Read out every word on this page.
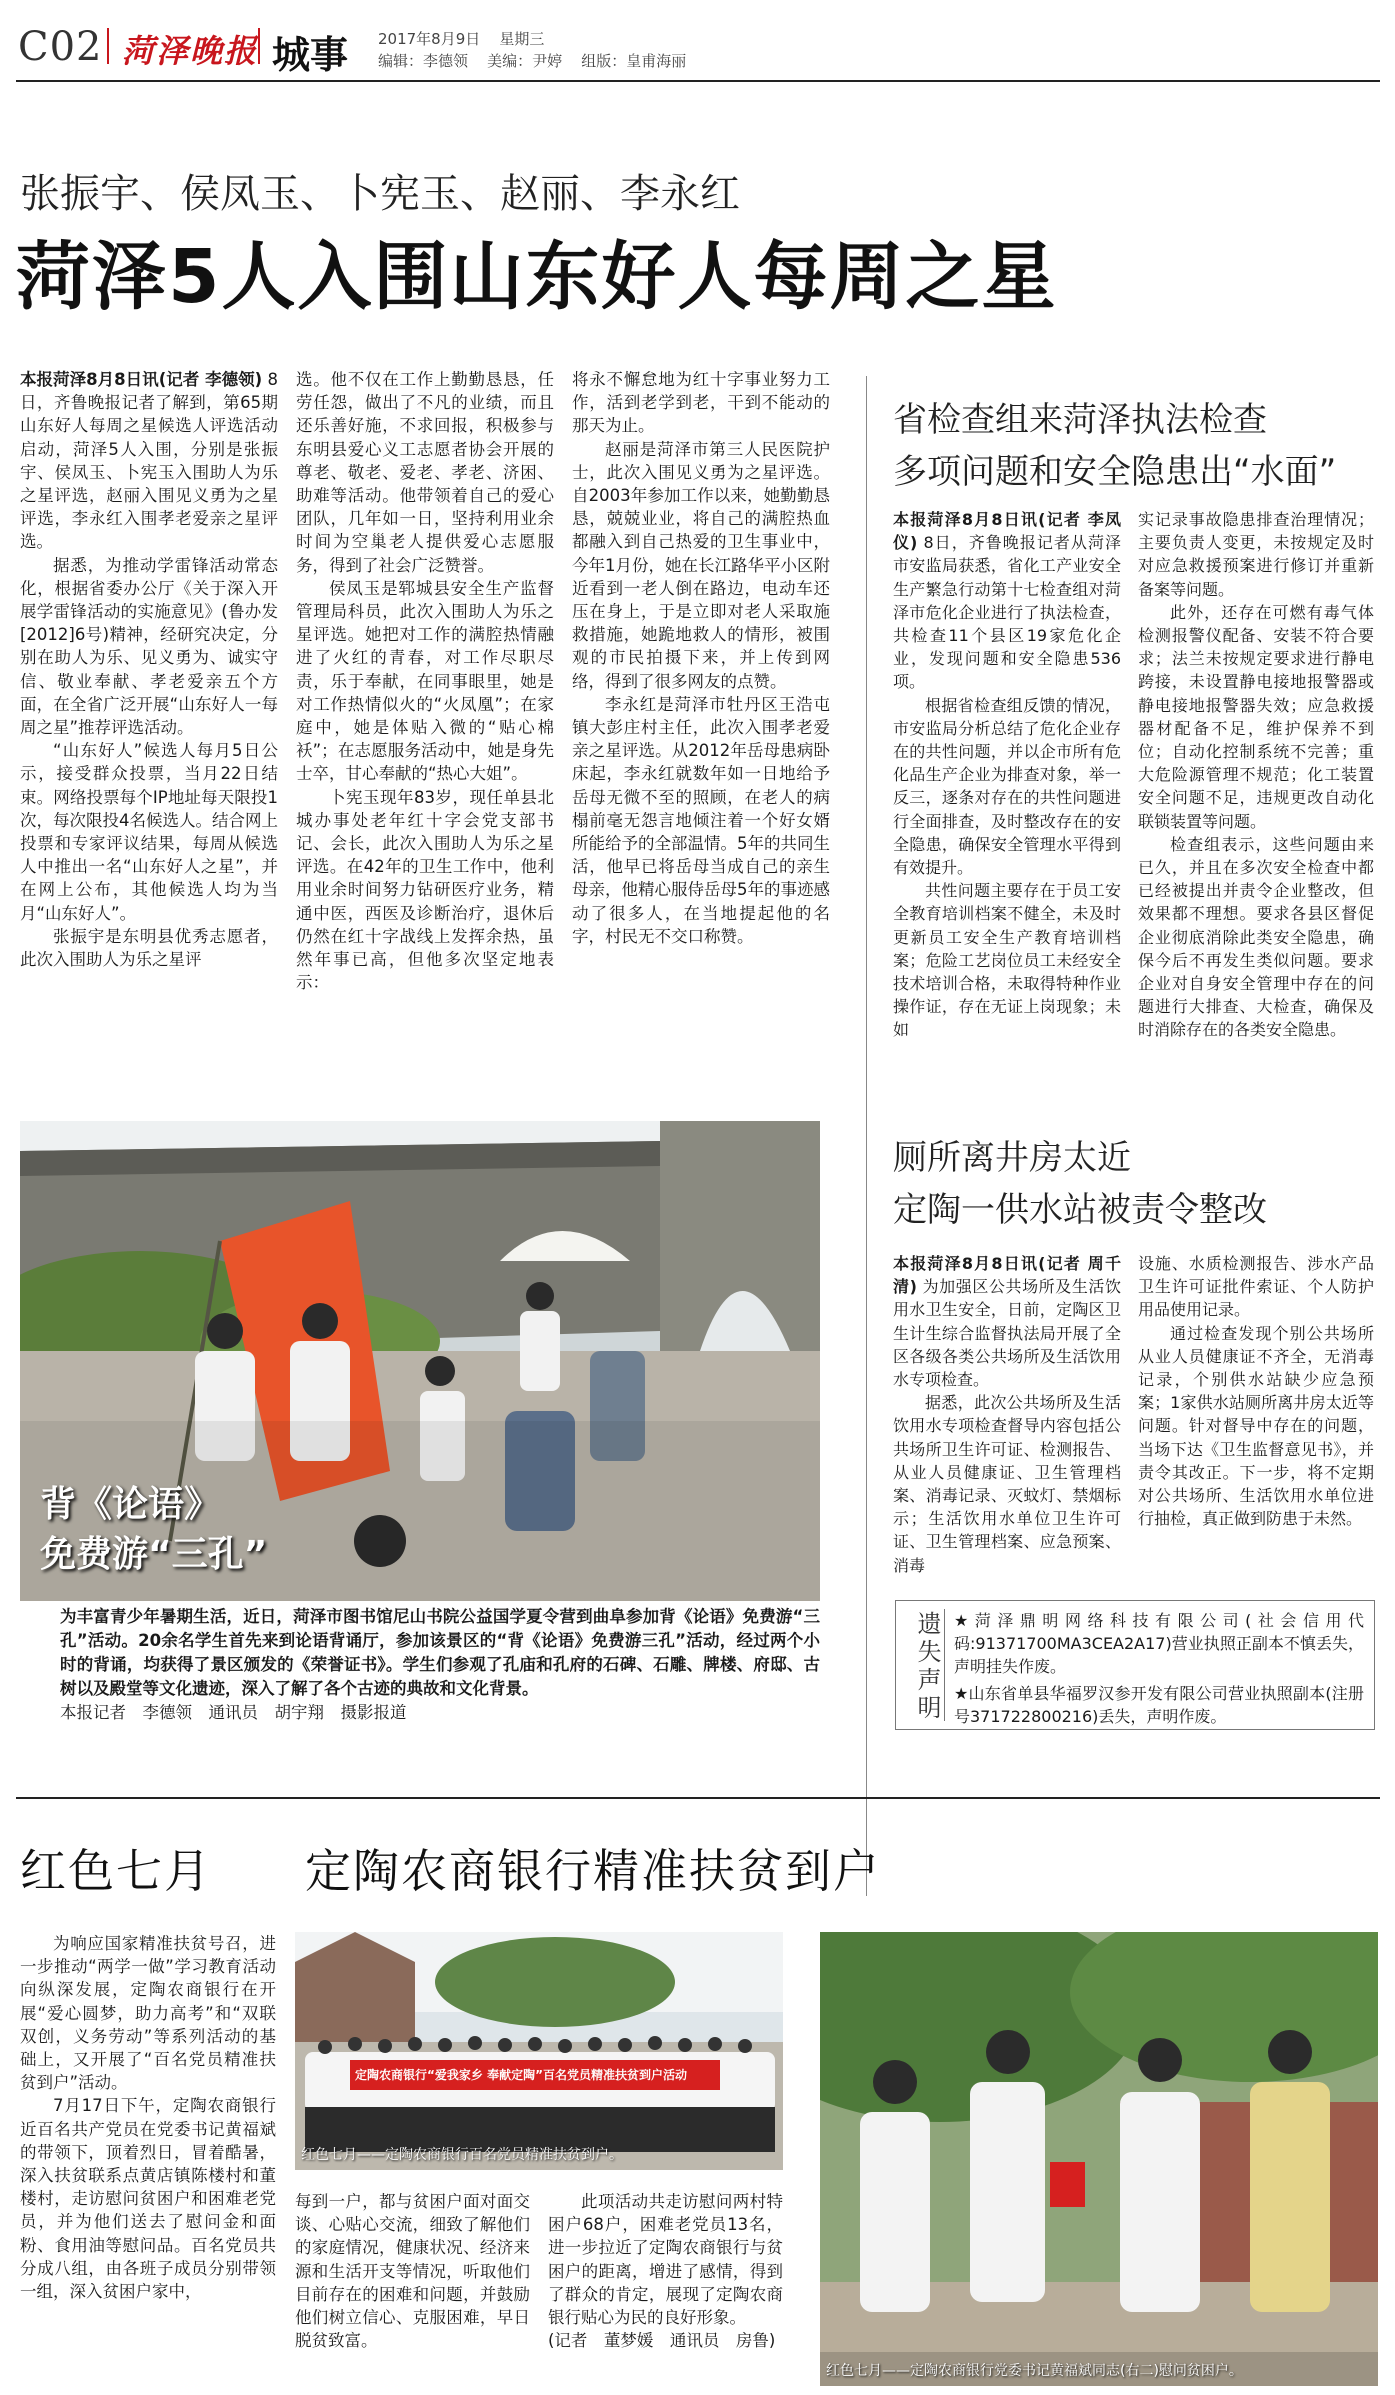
C02 菏泽晚报 城事 2017年8月9日 星期三
编辑：李德领 美编：尹婷 组版：皇甫海丽
张振宇、侯凤玉、卜宪玉、赵丽、李永红
菏泽5人入围山东好人每周之星

本报菏泽8月8日讯(记者 李德领) 8日，齐鲁晚报记者了解到，第65期山东好人每周之星候选人评选活动启动，菏泽5人入围，分别是张振宇、侯凤玉、卜宪玉入围助人为乐之星评选，赵丽入围见义勇为之星评选，李永红入围孝老爱亲之星评选。

据悉，为推动学雷锋活动常态化，根据省委办公厅《关于深入开展学雷锋活动的实施意见》(鲁办发[2012]6号)精神，经研究决定，分别在助人为乐、见义勇为、诚实守信、敬业奉献、孝老爱亲五个方面，在全省广泛开展“山东好人一每周之星”推荐评选活动。

“山东好人”候选人每月5日公示，接受群众投票，当月22日结束。网络投票每个IP地址每天限投1次，每次限投4名候选人。结合网上投票和专家评议结果，每周从候选人中推出一名“山东好人之星”，并在网上公布，其他候选人均为当月“山东好人”。

张振宇是东明县优秀志愿者，此次入围助人为乐之星评

选。他不仅在工作上勤勤恳恳，任劳任怨，做出了不凡的业绩，而且还乐善好施，不求回报，积极参与东明县爱心义工志愿者协会开展的尊老、敬老、爱老、孝老、济困、助难等活动。他带领着自己的爱心团队，几年如一日，坚持利用业余时间为空巢老人提供爱心志愿服务，得到了社会广泛赞誉。

侯凤玉是郓城县安全生产监督管理局科员，此次入围助人为乐之星评选。她把对工作的满腔热情融进了火红的青春，对工作尽职尽责，乐于奉献，在同事眼里，她是对工作热情似火的“火凤凰”；在家庭中，她是体贴入微的“贴心棉袄”；在志愿服务活动中，她是身先士卒，甘心奉献的“热心大姐”。

卜宪玉现年83岁，现任单县北城办事处老年红十字会党支部书记、会长，此次入围助人为乐之星评选。在42年的卫生工作中，他利用业余时间努力钻研医疗业务，精通中医，西医及诊断治疗，退休后仍然在红十字战线上发挥余热，虽然年事已高，但他多次坚定地表示：

将永不懈怠地为红十字事业努力工作，活到老学到老，干到不能动的那天为止。

赵丽是菏泽市第三人民医院护士，此次入围见义勇为之星评选。自2003年参加工作以来，她勤勤恳恳，兢兢业业，将自己的满腔热血都融入到自己热爱的卫生事业中，今年1月份，她在长江路华平小区附近看到一老人倒在路边，电动车还压在身上，于是立即对老人采取施救措施，她跪地救人的情形，被围观的市民拍摄下来，并上传到网络，得到了很多网友的点赞。

李永红是菏泽市牡丹区王浩屯镇大彭庄村主任，此次入围孝老爱亲之星评选。从2012年岳母患病卧床起，李永红就数年如一日地给予岳母无微不至的照顾，在老人的病榻前毫无怨言地倾注着一个好女婿所能给予的全部温情。5年的共同生活，他早已将岳母当成自己的亲生母亲，他精心服侍岳母5年的事迹感动了很多人，在当地提起他的名字，村民无不交口称赞。

省检查组来菏泽执法检查
多项问题和安全隐患出“水面”

本报菏泽8月8日讯(记者 李凤仪) 8日，齐鲁晚报记者从菏泽市安监局获悉，省化工产业安全生产繁急行动第十七检查组对菏泽市危化企业进行了执法检查，共检查11个县区19家危化企业，发现问题和安全隐患536项。

根据省检查组反馈的情况，市安监局分析总结了危化企业存在的共性问题，并以企市所有危化品生产企业为排查对象，举一反三，逐条对存在的共性问题进行全面排查，及时整改存在的安全隐患，确保安全管理水平得到有效提升。

共性问题主要存在于员工安全教育培训档案不健全，未及时更新员工安全生产教育培训档案；危险工艺岗位员工未经安全技术培训合格，未取得特种作业操作证，存在无证上岗现象；未如

实记录事故隐患排查治理情况；主要负责人变更，未按规定及时对应急救援预案进行修订并重新备案等问题。

此外，还存在可燃有毒气体检测报警仪配备、安装不符合要求；法兰未按规定要求进行静电跨接，未设置静电接地报警器或静电接地报警器失效；应急救援器材配备不足，维护保养不到位；自动化控制系统不完善；重大危险源管理不规范；化工装置安全问题不足，违规更改自动化联锁装置等问题。

检查组表示，这些问题由来已久，并且在多次安全检查中都已经被提出并责令企业整改，但效果都不理想。要求各县区督促企业彻底消除此类安全隐患，确保今后不再发生类似问题。要求企业对自身安全管理中存在的问题进行大排查、大检查，确保及时消除存在的各类安全隐患。

厕所离井房太近
定陶一供水站被责令整改

本报菏泽8月8日讯(记者 周千清) 为加强区公共场所及生活饮用水卫生安全，日前，定陶区卫生计生综合监督执法局开展了全区各级各类公共场所及生活饮用水专项检查。

据悉，此次公共场所及生活饮用水专项检查督导内容包括公共场所卫生许可证、检测报告、从业人员健康证、卫生管理档案、消毒记录、灭蚊灯、禁烟标示；生活饮用水单位卫生许可证、卫生管理档案、应急预案、消毒

设施、水质检测报告、涉水产品卫生许可证批件索证、个人防护用品使用记录。

通过检查发现个别公共场所从业人员健康证不齐全，无消毒记录，个别供水站缺少应急预案；1家供水站厕所离井房太近等问题。针对督导中存在的问题，当场下达《卫生监督意见书》，并责令其改正。下一步，将不定期对公共场所、生活饮用水单位进行抽检，真正做到防患于未然。

遗失声明 ★菏泽鼎明网络科技有限公司(社会信用代码:91371700MA3CEA2A17)营业执照正副本不慎丢失，声明挂失作废。
★山东省单县华福罗汉参开发有限公司营业执照副本(注册号371722800216)丢失，声明作废。
背《论语》
免费游“三孔”
为丰富青少年暑期生活，近日，菏泽市图书馆尼山书院公益国学夏令营到曲阜参加背《论语》免费游“三孔”活动。20余名学生首先来到论语背诵厅，参加该景区的“背《论语》免费游三孔”活动，经过两个小时的背诵，均获得了景区颁发的《荣誉证书》。学生们参观了孔庙和孔府的石碑、石雕、牌楼、府邸、古树以及殿堂等文化遗迹，深入了解了各个古迹的典故和文化背景。
本报记者　李德领　通讯员　胡宇翔　摄影报道
红色七月 定陶农商银行精准扶贫到户

为响应国家精准扶贫号召，进一步推动“两学一做”学习教育活动向纵深发展，定陶农商银行在开展“爱心圆梦，助力高考”和“双联双创，义务劳动”等系列活动的基础上，又开展了“百名党员精准扶贫到户”活动。

7月17日下午，定陶农商银行近百名共产党员在党委书记黄福斌的带领下，顶着烈日，冒着酷暑，深入扶贫联系点黄店镇陈楼村和董楼村，走访慰问贫困户和困难老党员，并为他们送去了慰问金和面粉、食用油等慰问品。百名党员共分成八组，由各班子成员分别带领一组，深入贫困户家中，

定陶农商银行“爱我家乡 奉献定陶”百名党员精准扶贫到户活动
红色七月——定陶农商银行百名党员精准扶贫到户。

每到一户，都与贫困户面对面交谈、心贴心交流，细致了解他们的家庭情况，健康状况、经济来源和生活开支等情况，听取他们目前存在的困难和问题，并鼓励他们树立信心、克服困难，早日脱贫致富。

此项活动共走访慰问两村特困户68户，困难老党员13名，进一步拉近了定陶农商银行与贫困户的距离，增进了感情，得到了群众的肯定，展现了定陶农商银行贴心为民的良好形象。

(记者　董梦媛　通讯员　房鲁)

红色七月——定陶农商银行党委书记黄福斌同志(右二)慰问贫困户。
